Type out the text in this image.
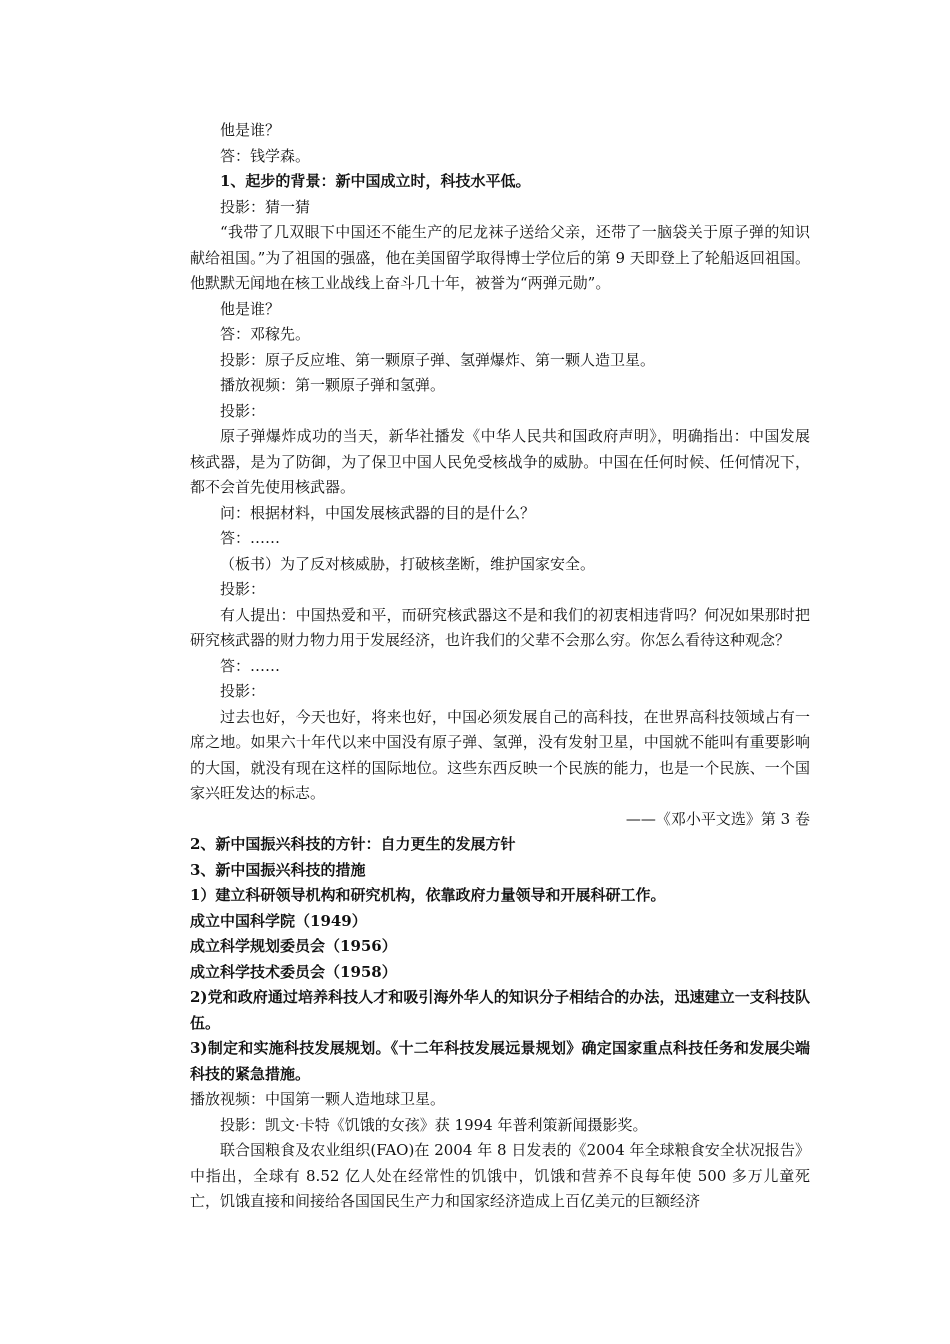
他是谁？

答：钱学森。

1、起步的背景：新中国成立时，科技水平低。

投影：猜一猜

“我带了几双眼下中国还不能生产的尼龙袜子送给父亲，还带了一脑袋关于原子弹的知识献给祖国。”为了祖国的强盛，他在美国留学取得博士学位后的第 9 天即登上了轮船返回祖国。他默默无闻地在核工业战线上奋斗几十年，被誉为“两弹元勋”。

他是谁？

答：邓稼先。

投影：原子反应堆、第一颗原子弹、氢弹爆炸、第一颗人造卫星。

播放视频：第一颗原子弹和氢弹。

投影：

原子弹爆炸成功的当天，新华社播发《中华人民共和国政府声明》，明确指出：中国发展核武器，是为了防御，为了保卫中国人民免受核战争的威胁。中国在任何时候、任何情况下，都不会首先使用核武器。

问：根据材料，中国发展核武器的目的是什么？

答：……

（板书）为了反对核威胁，打破核垄断，维护国家安全。

投影：

有人提出：中国热爱和平，而研究核武器这不是和我们的初衷相违背吗？何况如果那时把研究核武器的财力物力用于发展经济，也许我们的父辈不会那么穷。你怎么看待这种观念？

答：……

投影：

过去也好，今天也好，将来也好，中国必须发展自己的高科技，在世界高科技领域占有一席之地。如果六十年代以来中国没有原子弹、氢弹，没有发射卫星，中国就不能叫有重要影响的大国，就没有现在这样的国际地位。这些东西反映一个民族的能力，也是一个民族、一个国家兴旺发达的标志。

——《邓小平文选》第 3 卷

2、新中国振兴科技的方针：自力更生的发展方针

3、新中国振兴科技的措施

1）建立科研领导机构和研究机构，依靠政府力量领导和开展科研工作。

成立中国科学院（1949）

成立科学规划委员会（1956）

成立科学技术委员会（1958）

2)党和政府通过培养科技人才和吸引海外华人的知识分子相结合的办法，迅速建立一支科技队伍。

3)制定和实施科技发展规划。《十二年科技发展远景规划》确定国家重点科技任务和发展尖端科技的紧急措施。

播放视频：中国第一颗人造地球卫星。

投影：凯文·卡特《饥饿的女孩》获 1994 年普利策新闻摄影奖。

联合国粮食及农业组织(FAO)在 2004 年 8 日发表的《2004 年全球粮食安全状况报告》中指出，全球有 8.52 亿人处在经常性的饥饿中，饥饿和营养不良每年使 500 多万儿童死亡，饥饿直接和间接给各国国民生产力和国家经济造成上百亿美元的巨额经济
